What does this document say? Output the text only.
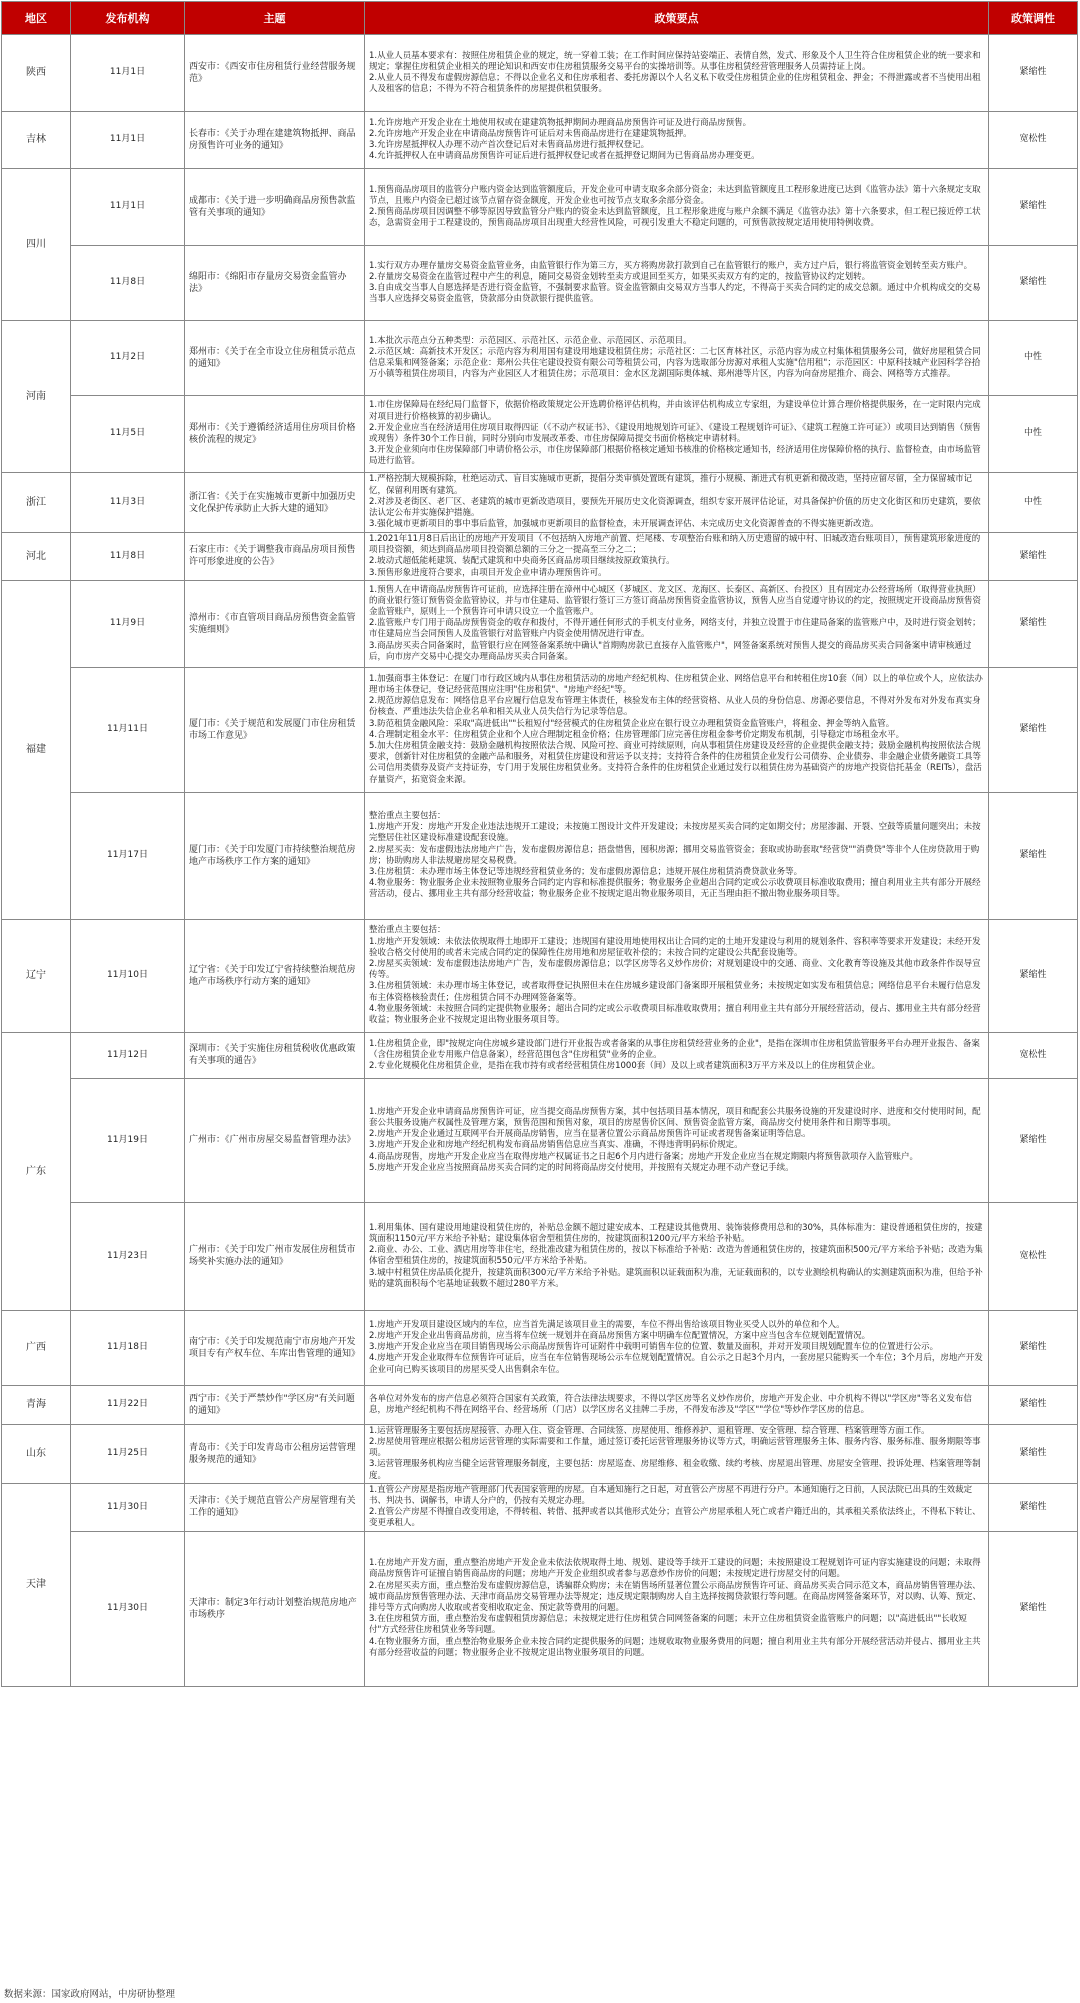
地区	发布机构	主题	政策要点	政策调性
陕西	11月1日	西安市：《西安市住房租赁行业经营服务规范》	1.从业人员基本要求有：按照住房租赁企业的规定，统一穿着工装；在工作时间应保持站姿端正、表情自然，发式、形象及个人卫生符合住房租赁企业的统一要求和规定；掌握住房租赁企业相关的理论知识和西安市住房租赁服务交易平台的实操培训等。从事住房租赁经营管理服务人员需持证上岗。
2.从业人员不得发布虚假房源信息；不得以企业名义和住房承租者、委托房源以个人名义私下收受住房租赁企业的住房租赁租金、押金；不得泄露或者不当使用出租人及租客的信息；不得为不符合租赁条件的房屋提供租赁服务。	紧缩性
吉林	11月1日	长春市：《关于办理在建建筑物抵押、商品房预售许可业务的通知》	1.允许房地产开发企业在土地使用权或在建建筑物抵押期间办理商品房预售许可证及进行商品房预售。
2.允许房地产开发企业在申请商品房预售许可证后对未售商品房进行在建建筑物抵押。
3.允许房屋抵押权人办理不动产首次登记后对未售商品房进行抵押权登记。
4.允许抵押权人在申请商品房预售许可证后进行抵押权登记或者在抵押登记期间为已售商品房办理变更。	宽松性
四川	11月1日	成都市：《关于进一步明确商品房预售款监管有关事项的通知》	1.预售商品房项目的监管分户账内资金达到监管额度后，开发企业可申请支取多余部分资金；未达到监管额度且工程形象进度已达到《监管办法》第十六条规定支取节点，且账户内资金已超过该节点留存资金额度，开发企业也可按节点支取多余部分资金。
2.预售商品房项目因调整不够等原因导致监管分户账内的资金未达到监管额度，且工程形象进度与账户余额不满足《监管办法》第十六条要求，但工程已接近停工状态，急需资金用于工程建设的，预售商品房项目出现重大经营性风险，可视引发重大不稳定问题的，可预售款按规定适用使用特例收费。	紧缩性
	11月8日	绵阳市：《绵阳市存量房交易资金监管办法》	1.实行双方办理存量房交易资金监管业务，由监管银行作为第三方，买方将购房款打款到自己在监管银行的账户，卖方过户后，银行将监管资金划转至卖方账户。
2.存量房交易资金在监管过程中产生的利息，随同交易资金划转至卖方或退回至买方，如果买卖双方有约定的，按监管协议约定划转。
3.自由成交当事人自愿选择是否进行资金监管，不强制要求监管。资金监管额由交易双方当事人约定，不得高于买卖合同约定的成交总额。通过中介机构成交的交易当事人应选择交易资金监管，贷款部分由贷款银行提供监管。	紧缩性
河南	11月2日	郑州市：《关于在全市设立住房租赁示范点的通知》	1.本批次示范点分五种类型：示范园区、示范社区、示范企业、示范园区、示范项目。
2.示范区域：高新技术开发区；示范内容为利用国有建设用地建设租赁住房；示范社区：二七区育林社区，示范内容为成立村集体租赁服务公司，做好房屋租赁合同信息采集和网签备案；示范企业：郑州公共住宅建设投资有限公司等租赁公司，内容为选取部分房源对承租人实施"信用租"；示范园区：中原科技城产业园科学谷拾万小镇等租赁住房项目，内容为产业园区人才租赁住房；示范项目：金水区龙湖国际奥体城、郑州港等片区，内容为向奋房屋推介、商会、网格等方式推荐。	中性
	11月5日	郑州市：《关于遵循经济适用住房项目价格核价流程的规定》	1.市住房保障局在经纪局门监督下，依据价格政策规定公开选聘价格评估机构，并由该评估机构成立专家组，为建设单位计算合理价格提供服务，在一定时限内完成对项目进行价格核算的初步确认。
2.开发企业应当在经济适用住房项目取得四证（《不动产权证书》、《建设用地规划许可证》、《建设工程规划许可证》、《建筑工程施工许可证》）或项目达到销售（预售或现售）条件30个工作日前，同时分别向市发展改革委、市住房保障局提交书面价格核定申请材料。
3.开发企业须向市住房保障部门申请价格公示，市住房保障部门根据价格核定通知书核准的价格核定通知书，经济适用住房保障价格的执行、监督检查，由市场监管局进行监管。	中性
浙江	11月3日	浙江省：《关于在实施城市更新中加强历史文化保护传承防止大拆大建的通知》	1.严格控制大规模拆除，杜绝运动式、盲目实施城市更新，提倡分类审慎处置既有建筑，推行小规模、渐进式有机更新和微改造，坚持应留尽留，全力保留城市记忆，保留利用既有建筑。
2.对涉及老街区、老厂区、老建筑的城市更新改造项目，要预先开展历史文化资源调查，组织专家开展评估论证，对具备保护价值的历史文化街区和历史建筑，要依法认定公布并实施保护措施。
3.强化城市更新项目的事中事后监管，加强城市更新项目的监督检查，未开展调查评估、未完成历史文化资源普查的不得实施更新改造。	中性
河北	11月8日	石家庄市：《关于调整我市商品房项目预售许可形象进度的公告》	1.2021年11月8日后出让的房地产开发项目（不包括纳入房地产前置、烂尾楼、专项整治台账和纳入历史遗留的城中村、旧城改造台账项目），预售建筑形象进度的项目投资额，须达到商品房项目投资额总额的三分之一提高至三分之二；
2.坡动式超低能耗建筑、装配式建筑和中央商务区商品房项目继续按原政策执行。
3.预售形象进度符合要求，由项目开发企业申请办理预售许可。	紧缩性
福建	11月9日	漳州市：《市直管项目商品房预售资金监管实施细则》	1.预售人在申请商品房预售许可证前，应选择注册在漳州中心城区（芗城区、龙文区、龙海区、长泰区、高新区、台投区）且有固定办公经营场所（取得营业执照）的商业银行签订预售资金监管协议，并与市住建局、监管银行签订三方签订商品房预售资金监管协议，预售人应当自觉遵守协议的约定，按照规定开设商品房预售资金监管账户，原则上一个预售许可申请只设立一个监管账户。
2.监管账户专门用于商品房预售资金的收存和拨付，不得开通任何形式的手机支付业务，网络支付，并独立设置于市住建局备案的监管账户中，及时进行资金划转；市住建局应当会同预售人及监管银行对监管账户内资金使用情况进行审查。
3.商品房买卖合同备案时，监管银行应在网签备案系统中确认"首期购房款已直接存入监管账户"，网签备案系统对预售人提交的商品房买卖合同备案申请审核通过后，向市房产交易中心提交办理商品房买卖合同备案。	紧缩性
	11月11日	厦门市：《关于规范和发展厦门市住房租赁市场工作意见》	1.加强商事主体登记：在厦门市行政区域内从事住房租赁活动的房地产经纪机构、住房租赁企业、网络信息平台和转租住房10套（间）以上的单位或个人，应依法办理市场主体登记，登记经营范围应注明"住房租赁"、"房地产经纪"等。
2.规范房源信息发布：网络信息平台应履行信息发布管理主体责任，核验发布主体的经营资格、从业人员的身份信息、房源必要信息，不得对外发布对外发布真实身份核查、严重违法失信企业名单和相关从业人员失信行为记录等信息。
3.防范租赁金融风险：采取"高进低出""长租短付"经营模式的住房租赁企业应在银行设立办理租赁资金监管账户，将租金、押金等纳入监管。
4.合理制定租金水平：住房租赁企业和个人应合理制定租金价格；住房管理部门应完善住房租金参考价定期发布机制，引导稳定市场租金水平。
5.加大住房租赁金融支持：鼓励金融机构按照依法合规、风险可控、商业可持续原则，向从事租赁住房建设及经营的企业提供金融支持；鼓励金融机构按照依法合规要求，创新针对住房租赁的金融产品和服务，对租赁住房建设和营运予以支持；支持符合条件的住房租赁企业发行公司债券、企业债券、非金融企业债务融资工具等公司信用类债券及资产支持证券，专门用于发展住房租赁业务。支持符合条件的住房租赁企业通过发行以租赁住房为基础资产的房地产投资信托基金（REITs），盘活存量资产，拓宽资金来源。	紧缩性
	11月17日	厦门市：《关于印发厦门市持续整治规范房地产市场秩序工作方案的通知》	整治重点主要包括：
1.房地产开发：房地产开发企业违法违规开工建设；未按施工图设计文件开发建设；未按房屋买卖合同约定如期交付；房屋渗漏、开裂、空鼓等质量问题突出；未按完整居住社区建设标准建设配套设施。
2.房屋买卖：发布虚假违法房地产广告，发布虚假房源信息；捂盘惜售，囤积房源；挪用交易监管资金；套取或协助套取"经营贷""消费贷"等非个人住房贷款用于购房；协助购房人非法规避房屋交易税费。
3.住房租赁：未办理市场主体登记等违规经营租赁业务的；发布虚假房源信息；违规开展住房租赁消费贷款业务等。
4.物业服务：物业服务企业未按照物业服务合同约定内容和标准提供服务；物业服务企业超出合同约定或公示收费项目标准收取费用；擅自利用业主共有部分开展经营活动，侵占、挪用业主共有部分经营收益；物业服务企业不按规定退出物业服务项目，无正当理由拒不撤出物业服务项目等。	紧缩性
辽宁	11月10日	辽宁省：《关于印发辽宁省持续整治规范房地产市场秩序行动方案的通知》	整治重点主要包括：
1.房地产开发领域：未依法依规取得土地即开工建设；违规国有建设用地使用权出让合同约定的土地开发建设与利用的规划条件、容积率等要求开发建设；未经开发验收合格交付使用的或者未完成合同约定的保障性住房用地和房屋征收补偿的；未按合同约定建设公共配套设施等。
2.房屋买卖领域：发布虚假违法房地产广告，发布虚假房源信息；以学区房等名义炒作房价；对规划建设中的交通、商业、文化教育等设施及其他市政条件作误导宣传等。
3.住房租赁领域：未办理市场主体登记，或者取得登记执照但未在住房城乡建设部门备案即开展租赁业务；未按规定如实发布租赁信息；网络信息平台未履行信息发布主体资格核验责任；住房租赁合同不办理网签备案等。
4.物业服务领域：未按照合同约定提供物业服务；超出合同约定或公示收费项目标准收取费用；擅自利用业主共有部分开展经营活动，侵占、挪用业主共有部分经营收益；物业服务企业不按规定退出物业服务项目等。	紧缩性
广东	11月12日	深圳市：《关于实施住房租赁税收优惠政策有关事项的通告》	1.住房租赁企业，即"按规定向住房城乡建设部门进行开业报告或者备案的从事住房租赁经营业务的企业"，是指在深圳市住房租赁监管服务平台办理开业报告、备案（含住房租赁企业专用账户信息备案），经营范围包含"住房租赁"业务的企业。
2.专业化规模化住房租赁企业，是指在我市持有或者经营租赁住房1000套（间）及以上或者建筑面积3万平方米及以上的住房租赁企业。	宽松性
	11月19日	广州市：《广州市房屋交易监督管理办法》	1.房地产开发企业申请商品房预售许可证，应当提交商品房预售方案，其中包括项目基本情况，项目和配套公共服务设施的开发建设时序、进度和交付使用时间，配套公共服务设施产权属性及管理方案，预售范围和预售对象，项目的房屋售价区间、预售资金监管方案，商品房交付使用条件和日期等事项。
2.房地产开发企业通过互联网平台开展商品房销售，应当在显著位置公示商品房预售许可证或者现售备案证明等信息。
3.房地产开发企业和房地产经纪机构发布商品房销售信息应当真实、准确，不得违背明码标价规定。
4.商品房现售，房地产开发企业应当在取得房地产权属证书之日起6个月内进行备案；房地产开发企业应当在规定期限内将预售款项存入监管账户。
5.房地产开发企业应当按照商品房买卖合同约定的时间将商品房交付使用，并按照有关规定办理不动产登记手续。	紧缩性
	11月23日	广州市：《关于印发广州市发展住房租赁市场奖补实施办法的通知》	1.利用集体、国有建设用地建设租赁住房的，补贴总金额不超过建安成本、工程建设其他费用、装饰装修费用总和的30%，具体标准为：建设普通租赁住房的，按建筑面积1150元/平方米给予补贴；建设集体宿舍型租赁住房的，按建筑面积1200元/平方米给予补贴。
2.商业、办公、工业、酒店用房等非住宅，经批准改建为租赁住房的，按以下标准给予补贴：改造为普通租赁住房的，按建筑面积500元/平方米给予补贴；改造为集体宿舍型租赁住房的，按建筑面积550元/平方米给予补贴。
3.城中村租赁住房品质化提升，按建筑面积300元/平方米给予补贴。建筑面积以证载面积为准，无证载面积的，以专业测绘机构确认的实测建筑面积为准，但给予补贴的建筑面积每个宅基地证载数不超过280平方米。	宽松性
广西	11月18日	南宁市：《关于印发规范南宁市房地产开发项目专有产权车位、车库出售管理的通知》	1.房地产开发项目建设区域内的车位，应当首先满足该项目业主的需要，车位不得出售给该项目物业买受人以外的单位和个人。
2.房地产开发企业出售商品房前，应当将车位统一规划并在商品房预售方案中明确车位配置情况，方案中应当包含车位规划配置情况。
3.房地产开发企业应当在项目销售现场公示商品房预售许可证附件中载明可销售车位的位置、数量及面积，并对开发项目规划配置车位的位置进行公示。
4.房地产开发企业取得车位预售许可证后，应当在车位销售现场公示车位规划配置情况。自公示之日起3个月内，一套房屋只能购买一个车位；3个月后，房地产开发企业可向已购买该项目的房屋买受人出售剩余车位。	紧缩性
青海	11月22日	西宁市：《关于严禁炒作"学区房"有关问题的通知》	各单位对外发布的房产信息必须符合国家有关政策，符合法律法规要求，不得以学区房等名义炒作房价，房地产开发企业、中介机构不得以"学区房"等名义发布信息，房地产经纪机构不得在网络平台、经营场所（门店）以学区房名义挂牌二手房，不得发布涉及"学区""学位"等炒作学区房的信息。	紧缩性
山东	11月25日	青岛市：《关于印发青岛市公租房运营管理服务规范的通知》	1.运营管理服务主要包括房屋接管、办理入住、资金管理、合同续签、房屋使用、维修养护、退租管理、安全管理、综合管理、档案管理等方面工作。
2.房屋使用管理应根据公租房运营管理的实际需要和工作量，通过签订委托运营管理服务协议等方式，明确运营管理服务主体、服务内容、服务标准、服务期限等事项。
3.运营管理服务机构应当健全运营管理服务制度，主要包括：房屋巡查、房屋维修、租金收缴、续约考核、房屋退出管理、房屋安全管理、投诉处理、档案管理等制度。	紧缩性
天津	11月30日	天津市：《关于规范直管公产房屋管理有关工作的通知》	1.直管公产房屋是指房地产管理部门代表国家管理的房屋。自本通知施行之日起，对直管公产房屋不再进行分户。本通知施行之日前，人民法院已出具的生效裁定书、判决书、调解书，申请人分户的，仍按有关规定办理。
2.直管公产房屋不得擅自改变用途，不得转租、转借、抵押或者以其他形式处分；直管公产房屋承租人死亡或者户籍迁出的，其承租关系依法终止，不得私下转让、变更承租人。	紧缩性
	11月30日	天津市：制定3年行动计划整治规范房地产市场秩序	1.在房地产开发方面，重点整治房地产开发企业未依法依规取得土地、规划、建设等手续开工建设的问题；未按照建设工程规划许可证内容实施建设的问题；未取得商品房预售许可证擅自销售商品房的问题；房地产开发企业组织或者参与恶意炒作房价的问题；未按规定进行房屋交付的问题。
2.在房屋买卖方面，重点整治发布虚假房源信息，诱骗群众购房；未在销售场所显著位置公示商品房预售许可证、商品房买卖合同示范文本，商品房销售管理办法、城市商品房预售管理办法、天津市商品房交易管理办法等规定；违反规定限制购房人自主选择按揭贷款银行等问题。在商品房网签备案环节，对以购、认筹、预定、排号等方式向购房人收取或者变相收取定金、预定款等费用的问题。
3.在住房租赁方面，重点整治发布虚假租赁房源信息；未按规定进行住房租赁合同网签备案的问题；未开立住房租赁资金监管账户的问题；以"高进低出""长收短付"方式经营住房租赁业务等问题。
4.在物业服务方面，重点整治物业服务企业未按合同约定提供服务的问题；违规收取物业服务费用的问题；擅自利用业主共有部分开展经营活动并侵占、挪用业主共有部分经营收益的问题；物业服务企业不按规定退出物业服务项目的问题。	紧缩性
数据来源：国家政府网站，中房研协整理
